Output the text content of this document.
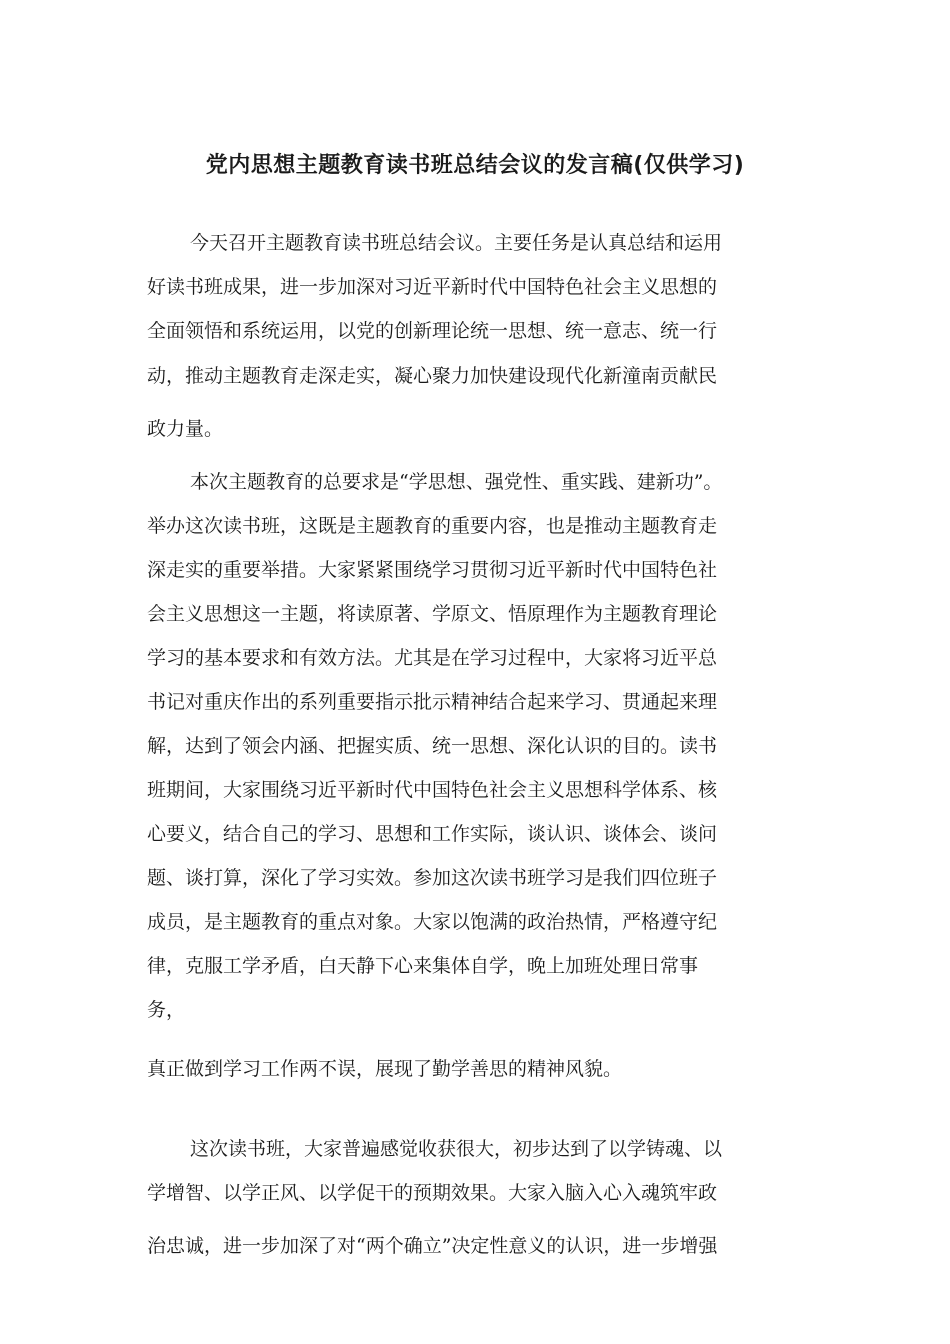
党内思想主题教育读书班总结会议的发言稿(仅供学习)
今天召开主题教育读书班总结会议。主要任务是认真总结和运用
好读书班成果，进一步加深对习近平新时代中国特色社会主义思想的
全面领悟和系统运用，以党的创新理论统一思想、统一意志、统一行
动，推动主题教育走深走实，凝心聚力加快建设现代化新潼南贡献民
政力量。
本次主题教育的总要求是“学思想、强党性、重实践、建新功”。
举办这次读书班，这既是主题教育的重要内容，也是推动主题教育走
深走实的重要举措。大家紧紧围绕学习贯彻习近平新时代中国特色社
会主义思想这一主题，将读原著、学原文、悟原理作为主题教育理论
学习的基本要求和有效方法。尤其是在学习过程中，大家将习近平总
书记对重庆作出的系列重要指示批示精神结合起来学习、贯通起来理
解，达到了领会内涵、把握实质、统一思想、深化认识的目的。读书
班期间，大家围绕习近平新时代中国特色社会主义思想科学体系、核
心要义，结合自己的学习、思想和工作实际，谈认识、谈体会、谈问
题、谈打算，深化了学习实效。参加这次读书班学习是我们四位班子
成员，是主题教育的重点对象。大家以饱满的政治热情，严格遵守纪
律，克服工学矛盾，白天静下心来集体自学，晚上加班处理日常事
务，
真正做到学习工作两不误，展现了勤学善思的精神风貌。
这次读书班，大家普遍感觉收获很大，初步达到了以学铸魂、以
学增智、以学正风、以学促干的预期效果。大家入脑入心入魂筑牢政
治忠诚，进一步加深了对“两个确立”决定性意义的认识，进一步增强
